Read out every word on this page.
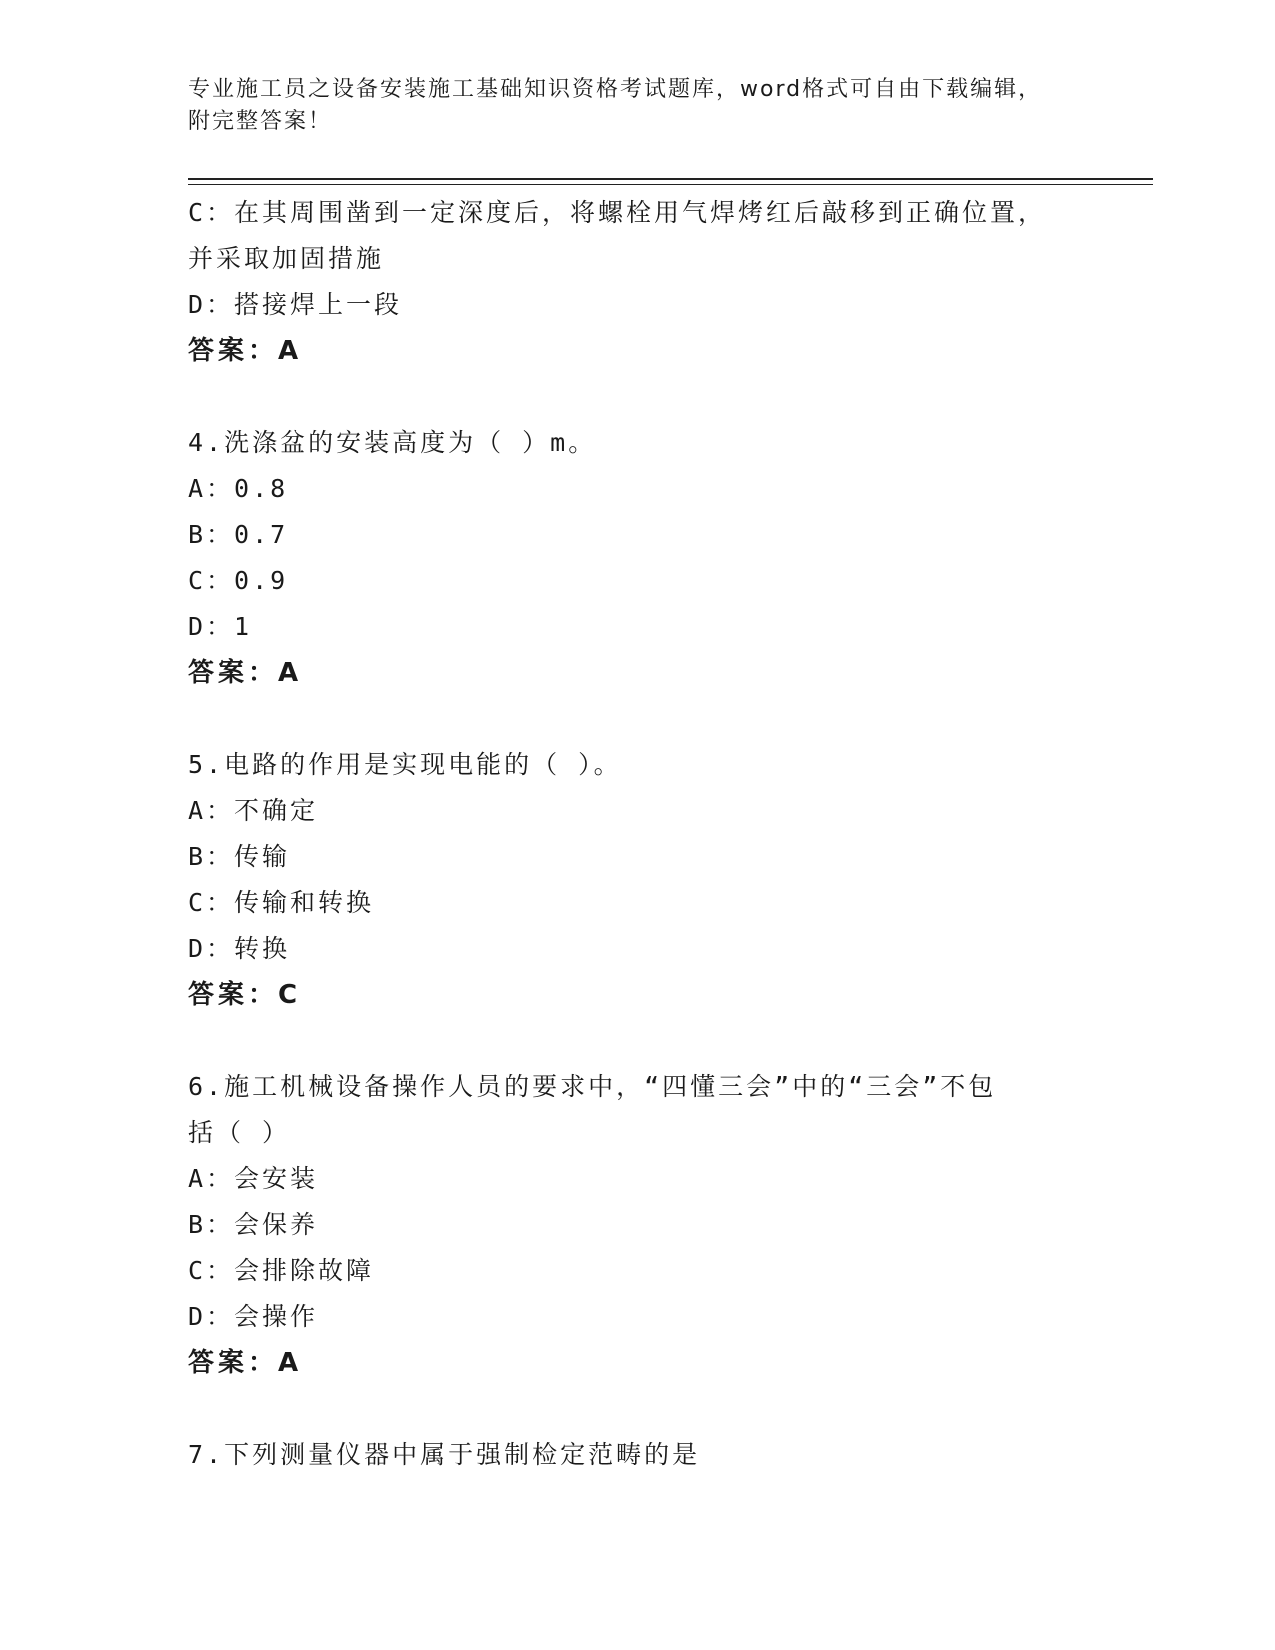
专业施工员之设备安装施工基础知识资格考试题库，word格式可自由下载编辑，
附完整答案！
C：在其周围凿到一定深度后，将螺栓用气焊烤红后敲移到正确位置，
并采取加固措施
D：搭接焊上一段
答案：A
4.洗涤盆的安装高度为（ ）m。
A：0.8
B：0.7
C：0.9
D：1
答案：A
5.电路的作用是实现电能的（ ）。
A：不确定
B：传输
C：传输和转换
D：转换
答案：C
6.施工机械设备操作人员的要求中，“四懂三会”中的“三会”不包
括（ ）
A：会安装
B：会保养
C：会排除故障
D：会操作
答案：A
7.下列测量仪器中属于强制检定范畴的是
